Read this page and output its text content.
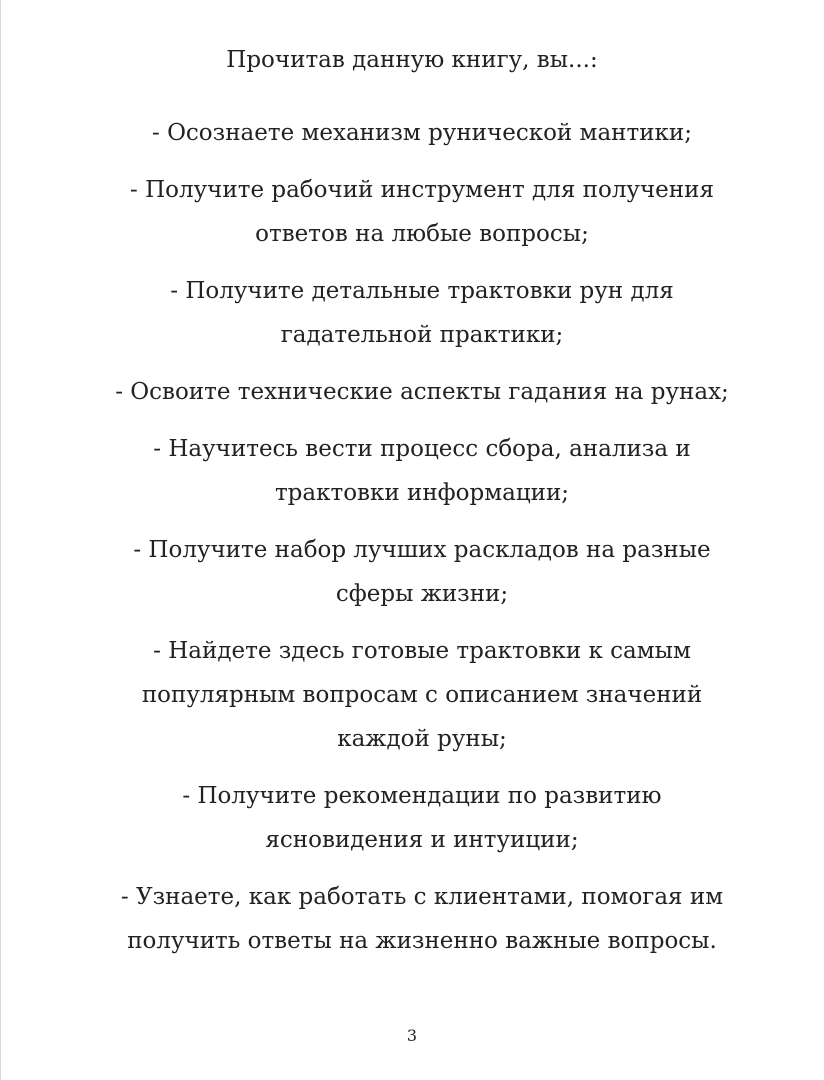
Прочитав данную книгу, вы...:
- Осознаете механизм рунической мантики;
- Получите рабочий инструмент для получения
ответов на любые вопросы;
- Получите детальные трактовки рун для
гадательной практики;
- Освоите технические аспекты гадания на рунах;
- Научитесь вести процесс сбора, анализа и
трактовки информации;
- Получите набор лучших раскладов на разные
сферы жизни;
- Найдете здесь готовые трактовки к самым
популярным вопросам с описанием значений
каждой руны;
- Получите рекомендации по развитию
ясновидения и интуиции;
- Узнаете, как работать с клиентами, помогая им
получить ответы на жизненно важные вопросы.
3
